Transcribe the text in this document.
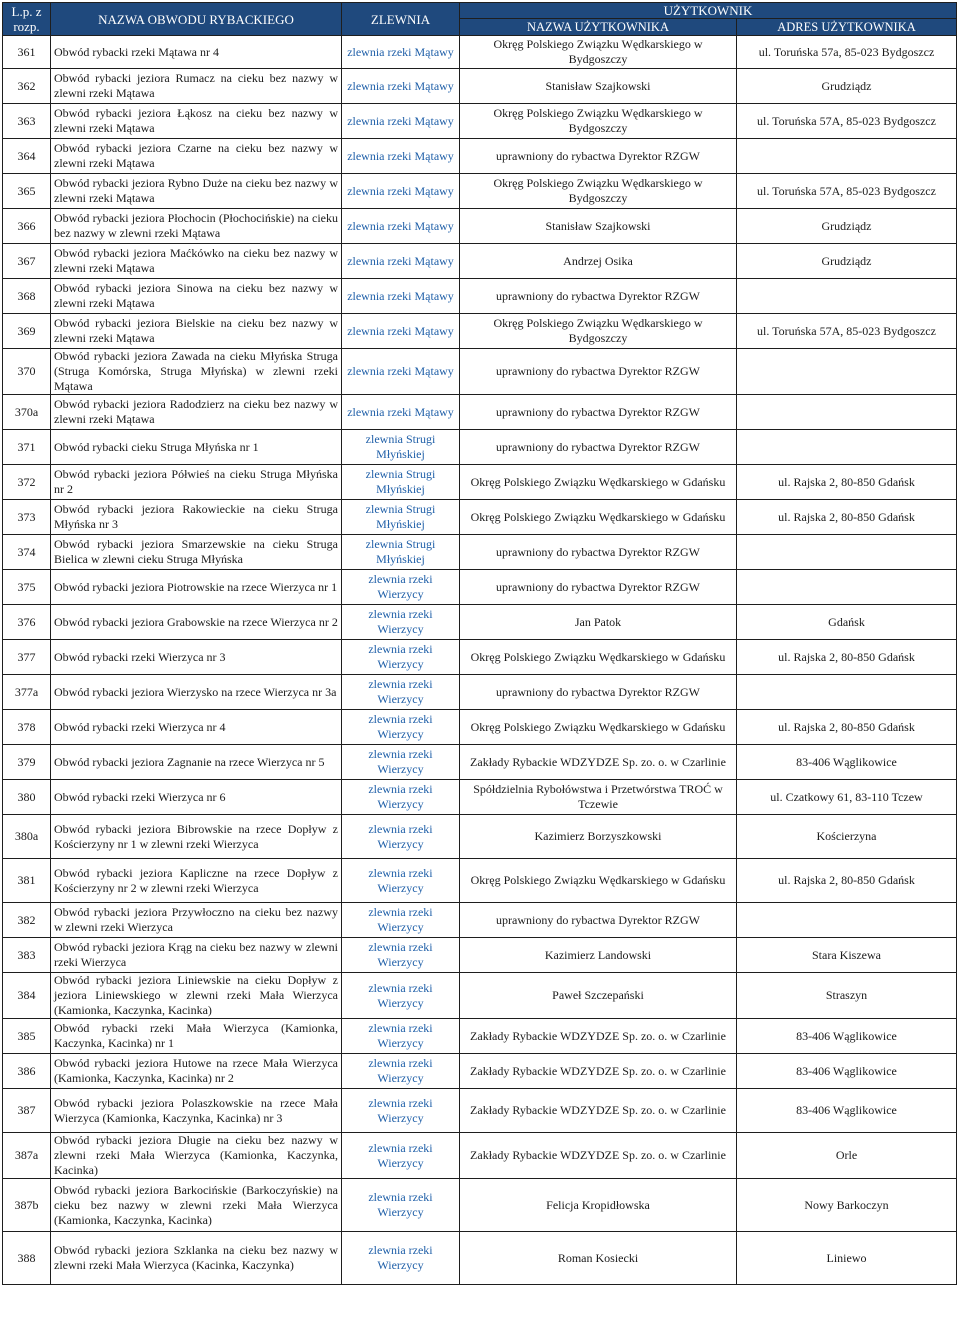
L.p. z rozp.	NAZWA OBWODU RYBACKIEGO	ZLEWNIA	UŻYTKOWNIK	
			NAZWA UŻYTKOWNIKA	ADRES UŻYTKOWNIKA
361	Obwód rybacki rzeki Mątawa nr 4	zlewnia rzeki Mątawy	Okręg Polskiego Związku Wędkarskiego w Bydgoszczy	ul. Toruńska 57a, 85-023 Bydgoszcz
362	Obwód rybacki jeziora Rumacz na cieku bez nazwy w zlewni rzeki Mątawa	zlewnia rzeki Mątawy	Stanisław Szajkowski	Grudziądz
363	Obwód rybacki jeziora Łąkosz na cieku bez nazwy w zlewni rzeki Mątawa	zlewnia rzeki Mątawy	Okręg Polskiego Związku Wędkarskiego w Bydgoszczy	ul. Toruńska 57A, 85-023 Bydgoszcz
364	Obwód rybacki jeziora Czarne na cieku bez nazwy w zlewni rzeki Mątawa	zlewnia rzeki Mątawy	uprawniony do rybactwa Dyrektor RZGW	
365	Obwód rybacki jeziora Rybno Duże na cieku bez nazwy w zlewni rzeki Mątawa	zlewnia rzeki Mątawy	Okręg Polskiego Związku Wędkarskiego w Bydgoszczy	ul. Toruńska 57A, 85-023 Bydgoszcz
366	Obwód rybacki jeziora Płochocin (Płochocińskie) na cieku bez nazwy w zlewni rzeki Mątawa	zlewnia rzeki Mątawy	Stanisław Szajkowski	Grudziądz
367	Obwód rybacki jeziora Maćkówko na cieku bez nazwy w zlewni rzeki Mątawa	zlewnia rzeki Mątawy	Andrzej Osika	Grudziądz
368	Obwód rybacki jeziora Sinowa na cieku bez nazwy w zlewni rzeki Mątawa	zlewnia rzeki Mątawy	uprawniony do rybactwa Dyrektor RZGW	
369	Obwód rybacki jeziora Bielskie na cieku bez nazwy w zlewni rzeki Mątawa	zlewnia rzeki Mątawy	Okręg Polskiego Związku Wędkarskiego w Bydgoszczy	ul. Toruńska 57A, 85-023 Bydgoszcz
370	Obwód rybacki jeziora Zawada na cieku Młyńska Struga (Struga Komórska, Struga Młyńska) w zlewni rzeki Mątawa	zlewnia rzeki Mątawy	uprawniony do rybactwa Dyrektor RZGW	
370a	Obwód rybacki jeziora Radodzierz na cieku bez nazwy w zlewni rzeki Mątawa	zlewnia rzeki Mątawy	uprawniony do rybactwa Dyrektor RZGW	
371	Obwód rybacki cieku Struga Młyńska nr 1	zlewnia Strugi Młyńskiej	uprawniony do rybactwa Dyrektor RZGW	
372	Obwód rybacki jeziora Półwieś na cieku Struga Młyńska nr 2	zlewnia Strugi Młyńskiej	Okręg Polskiego Związku Wędkarskiego w Gdańsku	ul. Rajska 2, 80-850 Gdańsk
373	Obwód rybacki jeziora Rakowieckie na cieku Struga Młyńska nr 3	zlewnia Strugi Młyńskiej	Okręg Polskiego Związku Wędkarskiego w Gdańsku	ul. Rajska 2, 80-850 Gdańsk
374	Obwód rybacki jeziora Smarzewskie na cieku Struga Bielica w zlewni cieku Struga Młyńska	zlewnia Strugi Młyńskiej	uprawniony do rybactwa Dyrektor RZGW	
375	Obwód rybacki jeziora Piotrowskie na rzece Wierzyca nr 1	zlewnia rzeki Wierzycy	uprawniony do rybactwa Dyrektor RZGW	
376	Obwód rybacki jeziora Grabowskie na rzece Wierzyca nr 2	zlewnia rzeki Wierzycy	Jan Patok	Gdańsk
377	Obwód rybacki rzeki Wierzyca nr 3	zlewnia rzeki Wierzycy	Okręg Polskiego Związku Wędkarskiego w Gdańsku	ul. Rajska 2, 80-850 Gdańsk
377a	Obwód rybacki jeziora Wierzysko na rzece Wierzyca nr 3a	zlewnia rzeki Wierzycy	uprawniony do rybactwa Dyrektor RZGW	
378	Obwód rybacki rzeki Wierzyca nr 4	zlewnia rzeki Wierzycy	Okręg Polskiego Związku Wędkarskiego w Gdańsku	ul. Rajska 2, 80-850 Gdańsk
379	Obwód rybacki jeziora Zagnanie na rzece Wierzyca nr 5	zlewnia rzeki Wierzycy	Zakłady Rybackie WDZYDZE Sp. zo. o. w Czarlinie	83-406 Wąglikowice
380	Obwód rybacki rzeki Wierzyca nr 6	zlewnia rzeki Wierzycy	Spółdzielnia Rybołówstwa i Przetwórstwa TROĆ w Tczewie	ul. Czatkowy 61, 83-110 Tczew
380a	Obwód rybacki jeziora Bibrowskie na rzece Dopływ z Kościerzyny nr 1 w zlewni rzeki Wierzyca	zlewnia rzeki Wierzycy	Kazimierz Borzyszkowski	Kościerzyna
381	Obwód rybacki jeziora Kapliczne na rzece Dopływ z Kościerzyny nr 2 w zlewni rzeki Wierzyca	zlewnia rzeki Wierzycy	Okręg Polskiego Związku Wędkarskiego w Gdańsku	ul. Rajska 2, 80-850 Gdańsk
382	Obwód rybacki jeziora Przywłoczno na cieku bez nazwy w zlewni rzeki Wierzyca	zlewnia rzeki Wierzycy	uprawniony do rybactwa Dyrektor RZGW	
383	Obwód rybacki jeziora Krąg na cieku bez nazwy w zlewni rzeki Wierzyca	zlewnia rzeki Wierzycy	Kazimierz Landowski	Stara Kiszewa
384	Obwód rybacki jeziora Liniewskie na cieku Dopływ z jeziora Liniewskiego w zlewni rzeki Mała Wierzyca (Kamionka, Kaczynka, Kacinka)	zlewnia rzeki Wierzycy	Paweł Szczepański	Straszyn
385	Obwód rybacki rzeki Mała Wierzyca (Kamionka, Kaczynka, Kacinka) nr 1	zlewnia rzeki Wierzycy	Zakłady Rybackie WDZYDZE Sp. zo. o. w Czarlinie	83-406 Wąglikowice
386	Obwód rybacki jeziora Hutowe na rzece Mała Wierzyca (Kamionka, Kaczynka, Kacinka) nr 2	zlewnia rzeki Wierzycy	Zakłady Rybackie WDZYDZE Sp. zo. o. w Czarlinie	83-406 Wąglikowice
387	Obwód rybacki jeziora Polaszkowskie na rzece Mała Wierzyca (Kamionka, Kaczynka, Kacinka) nr 3	zlewnia rzeki Wierzycy	Zakłady Rybackie WDZYDZE Sp. zo. o. w Czarlinie	83-406 Wąglikowice
387a	Obwód rybacki jeziora Długie na cieku bez nazwy w zlewni rzeki Mała Wierzyca (Kamionka, Kaczynka, Kacinka)	zlewnia rzeki Wierzycy	Zakłady Rybackie WDZYDZE Sp. zo. o. w Czarlinie	Orle
387b	Obwód rybacki jeziora Barkocińskie (Barkoczyńskie) na cieku bez nazwy w zlewni rzeki Mała Wierzyca (Kamionka, Kaczynka, Kacinka)	zlewnia rzeki Wierzycy	Felicja Kropidłowska	Nowy Barkoczyn
388	Obwód rybacki jeziora Szklanka na cieku bez nazwy w zlewni rzeki Mała Wierzyca (Kacinka, Kaczynka)	zlewnia rzeki Wierzycy	Roman Kosiecki	Liniewo
